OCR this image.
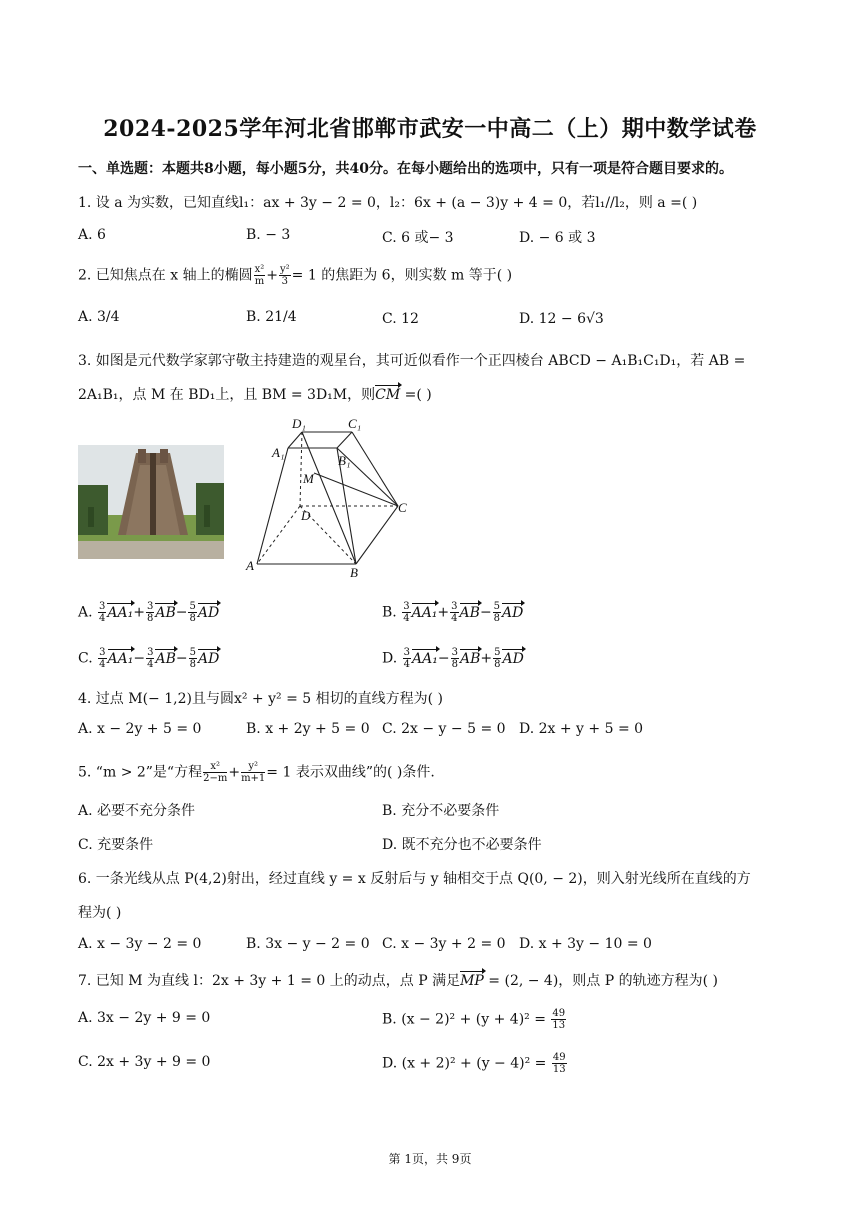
2024-2025学年河北省邯郸市武安一中高二（上）期中数学试卷
一、单选题：本题共8小题，每小题5分，共40分。在每小题给出的选项中，只有一项是符合题目要求的。
1. 设 a 为实数，已知直线l₁：ax + 3y − 2 = 0，l₂：6x + (a − 3)y + 4 = 0，若l₁//l₂，则 a =( )
A. 6	B. − 3	C. 6 或− 3	D. − 6 或 3
2. 已知焦点在 x 轴上的椭圆 $\frac{\text{x²}}{m} + \frac{\text{y²}}{3} = 1$ 的焦距为 6，则实数 m 等于( )
A. 3/4	B. 21/4	C. 12	D. 12 − 6√3
3. 如图是元代数学家郭守敬主持建造的观星台，其可近似看作一个正四棱台 ABCD − A₁B₁C₁D₁，若 AB =
2A₁B₁，点 M 在 BD₁上，且 BM = 3D₁M，则CM =( )
D₁	C₁
A₁
B₁
M
D
C
A	B
A. $\frac{3}{4} AA_1+ \frac{3}{8} AB- \frac{5}{8}$ AD	B. $\frac{3}{4} AA_1+ \frac{3}{4} AB- \frac{5}{8}$ AD
C. $\frac{3}{4} AA_1- \frac{3}{4} AB- \frac{5}{8}$ AD	D. $\frac{3}{4} AA_1- \frac{3}{8} AB+ \frac{5}{8}$ AD
4. 过点 M(− 1,2)且与圆x² + y² = 5 相切的直线方程为( )
A. x − 2y + 5 = 0	B. x + 2y + 5 = 0 C. 2x − y − 5 = 0 D. 2x + y + 5 = 0
5. “m > 2”是“方程 $\frac{\text{x²}}{2-m} + \frac{\text{y²}}{m+1} = 1$ 表示双曲线”的( )条件.
A. 必要不充分条件	B. 充分不必要条件
C. 充要条件	D. 既不充分也不必要条件
6. 一条光线从点 P(4,2)射出，经过直线 y = x 反射后与 y 轴相交于点 Q(0, − 2)，则入射光线所在直线的方
程为( )
A. x − 3y − 2 = 0	B. 3x − y − 2 = 0 C. x − 3y + 2 = 0 D. x + 3y − 10 = 0
7. 已知 M 为直线 l：2x + 3y + 1 = 0 上的动点，点 P 满足MP = (2, − 4)，则点 P 的轨迹方程为( )
A. 3x − 2y + 9 = 0	B. $(x - 2)^2 + (y + 4)^2 = \frac{49}{13}$
C. 2x + 3y + 9 = 0	D. $(x + 2)^2 + (y - 4)^2 = \frac{49}{13}$
第 1页，共 9页
